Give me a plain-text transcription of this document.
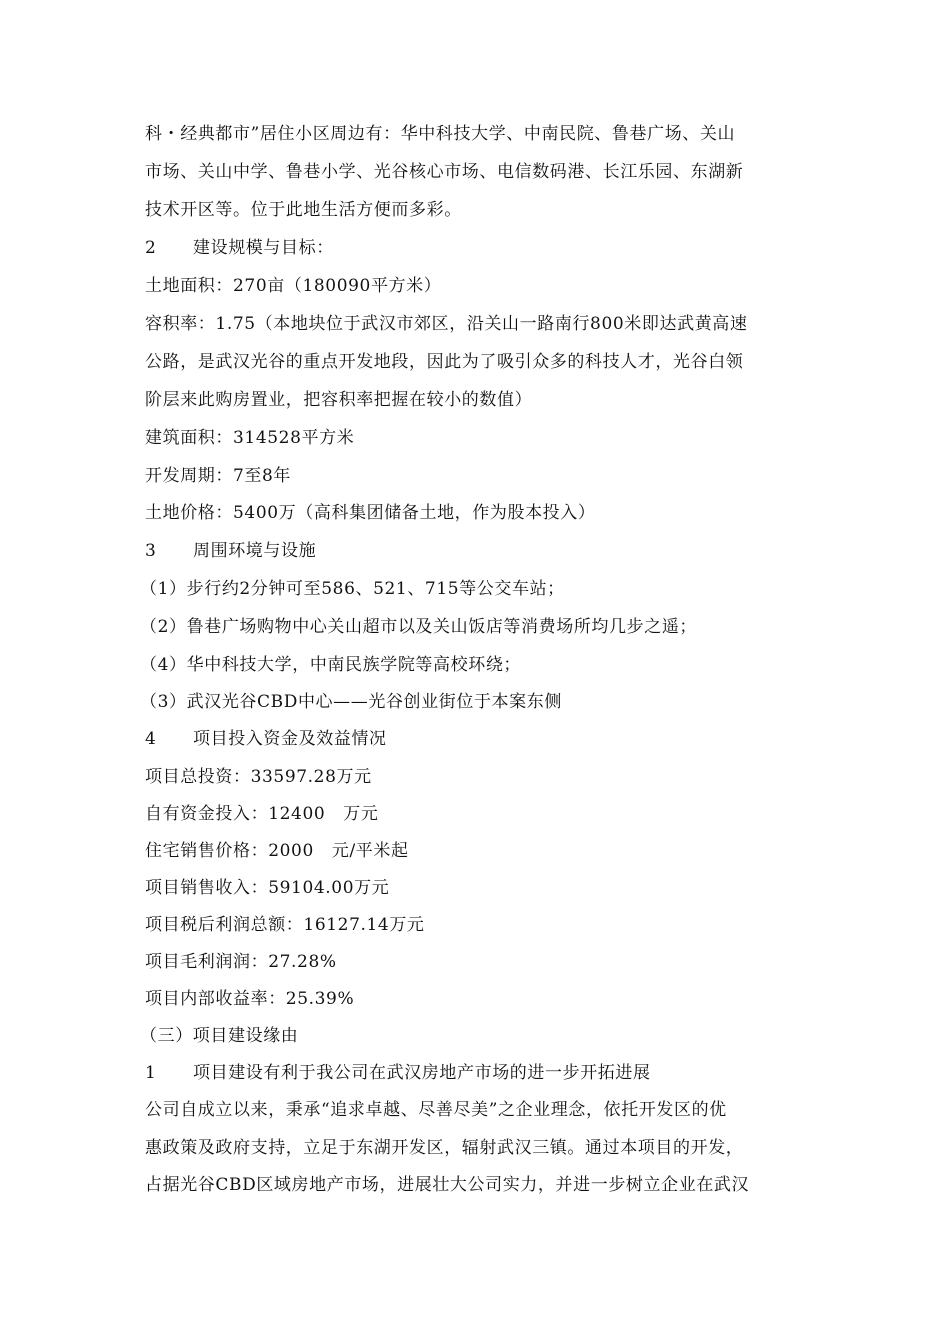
科・经典都市”居住小区周边有：华中科技大学、中南民院、鲁巷广场、关山
市场、关山中学、鲁巷小学、光谷核心市场、电信数码港、长江乐园、东湖新
技术开区等。位于此地生活方便而多彩。
2 建设规模与目标：
土地面积：270亩（180090平方米）
容积率：1.75（本地块位于武汉市郊区，沿关山一路南行800米即达武黄高速
公路，是武汉光谷的重点开发地段，因此为了吸引众多的科技人才，光谷白领
阶层来此购房置业，把容积率把握在较小的数值）
建筑面积：314528平方米
开发周期：7至8年
土地价格：5400万（高科集团储备土地，作为股本投入）
3 周围环境与设施
（1）步行约2分钟可至586、521、715等公交车站；
（2）鲁巷广场购物中心关山超市以及关山饭店等消费场所均几步之遥；
（4）华中科技大学，中南民族学院等高校环绕；
（3）武汉光谷CBD中心——光谷创业街位于本案东侧
4 项目投入资金及效益情况
项目总投资：33597.28万元
自有资金投入：12400   万元
住宅销售价格：2000   元/平米起
项目销售收入：59104.00万元
项目税后利润总额：16127.14万元
项目毛利润润：27.28%
项目内部收益率：25.39%
（三）项目建设缘由
1 项目建设有利于我公司在武汉房地产市场的进一步开拓进展
公司自成立以来，秉承“追求卓越、尽善尽美”之企业理念，依托开发区的优
惠政策及政府支持，立足于东湖开发区，辐射武汉三镇。通过本项目的开发，
占据光谷CBD区域房地产市场，进展壮大公司实力，并进一步树立企业在武汉
